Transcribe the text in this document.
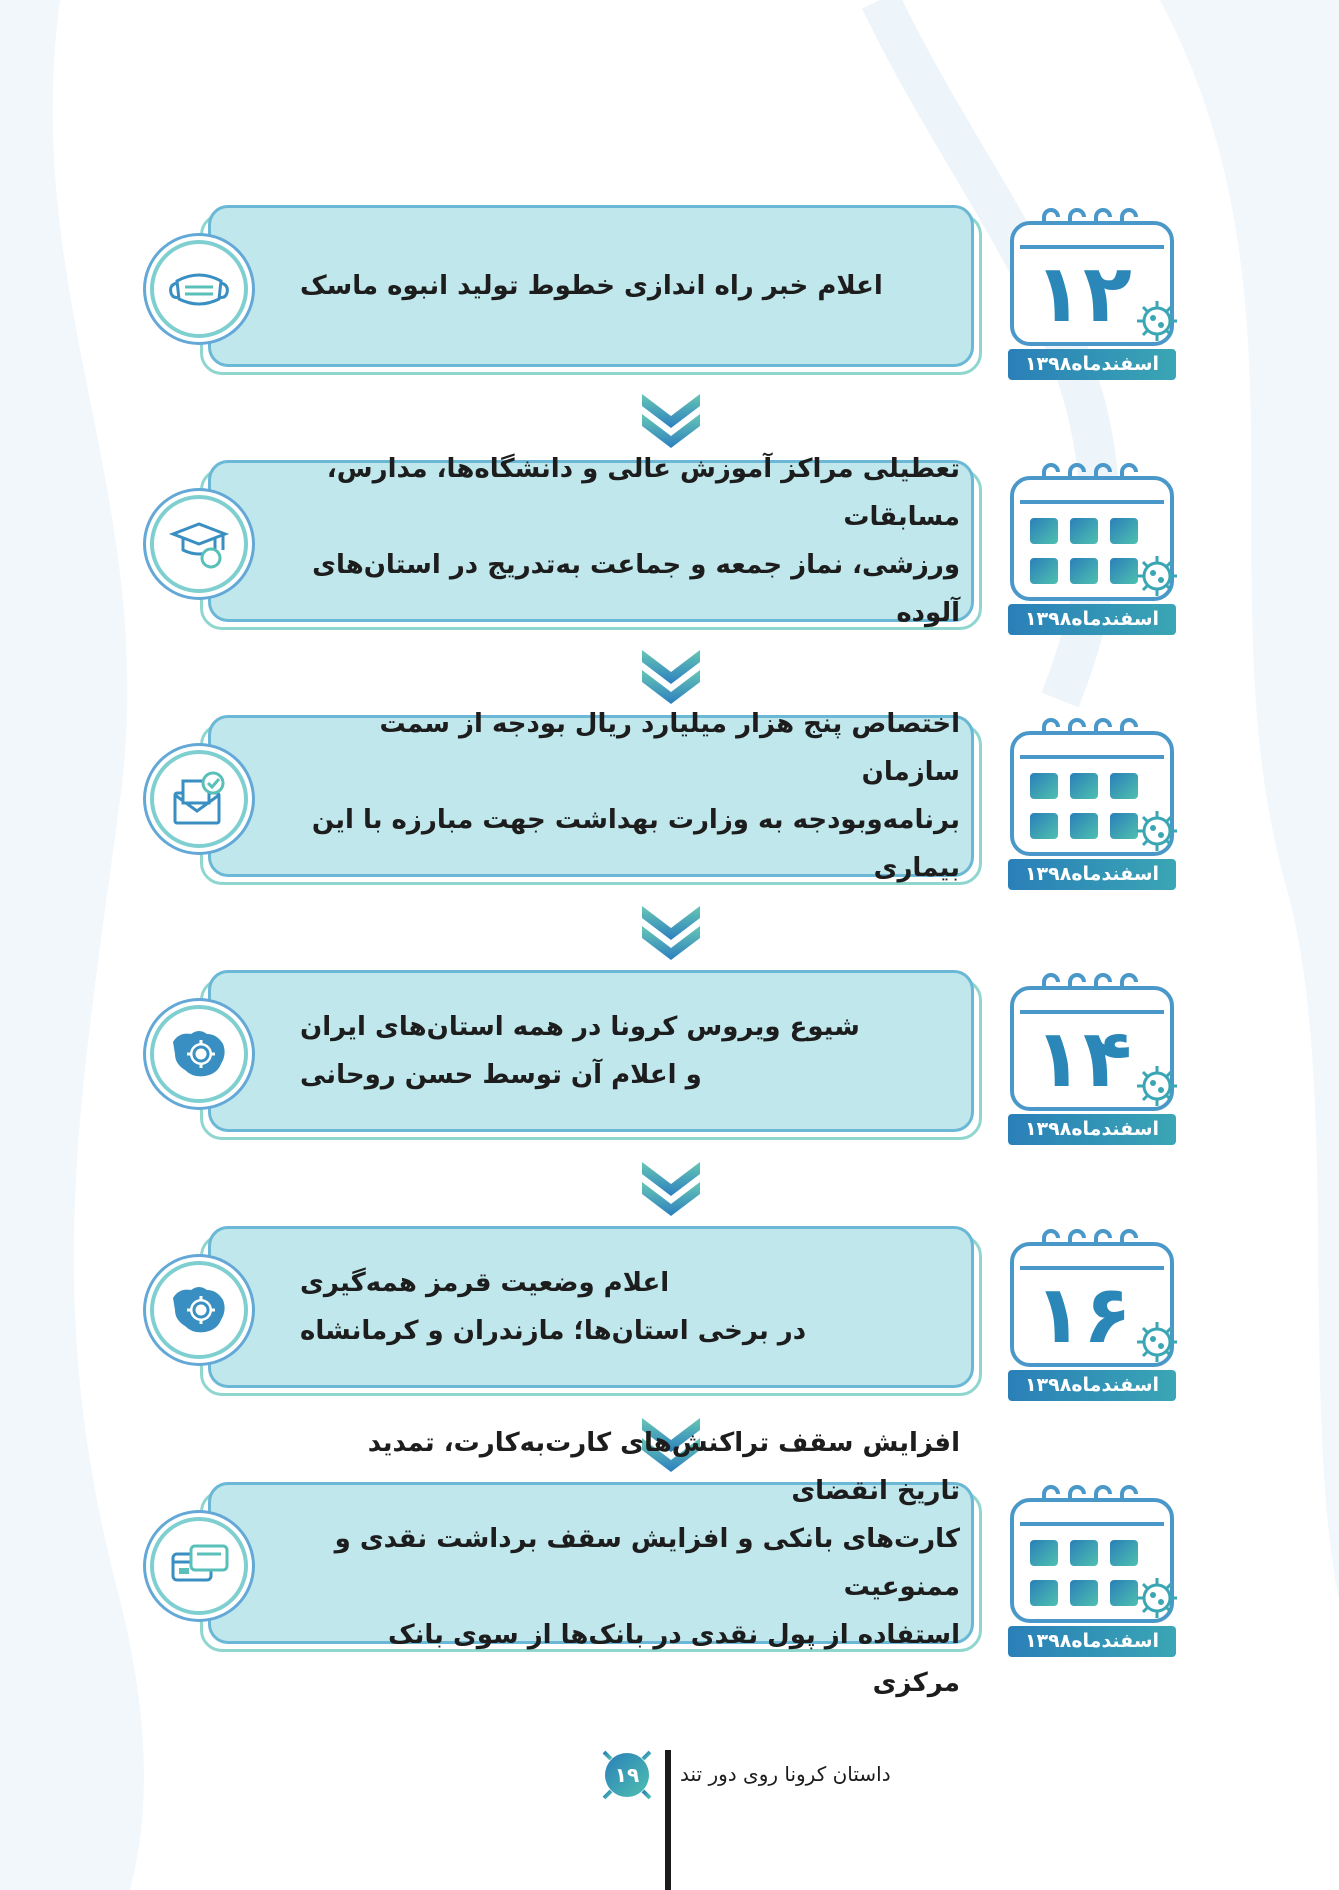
اعلام خبر راه اندازی خطوط تولید انبوه ماسک ۱۲
اسفندماه۱۳۹۸
تعطیلی مراکز آموزش عالی و دانشگاه‌ها، مدارس، مسابقات
ورزشی، نماز جمعه و جماعت به‌تدریج در استان‌های آلوده	اسفندماه۱۳۹۸
اختصاص پنج هزار میلیارد ریال بودجه از سمت سازمان
برنامه‌وبودجه به وزارت بهداشت جهت مبارزه با این بیماری	اسفندماه۱۳۹۸
شیوع ویروس کرونا در همه استان‌های ایران
و اعلام آن توسط حسن روحانی	۱۴
اسفندماه۱۳۹۸
اعلام وضعیت قرمز همه‌گیری
در برخی استان‌ها؛ مازندران و کرمانشاه	۱۶
اسفندماه۱۳۹۸
افزایش سقف تراکنش‌های کارت‌به‌کارت، تمدید تاریخ انقضای
کارت‌های بانکی و افزایش سقف برداشت نقدی و ممنوعیت
استفاده از پول نقدی در بانک‌ها از سوی بانک مرکزی
اسفندماه۱۳۹۸
داستان کرونا روی دور تند
۱۹
